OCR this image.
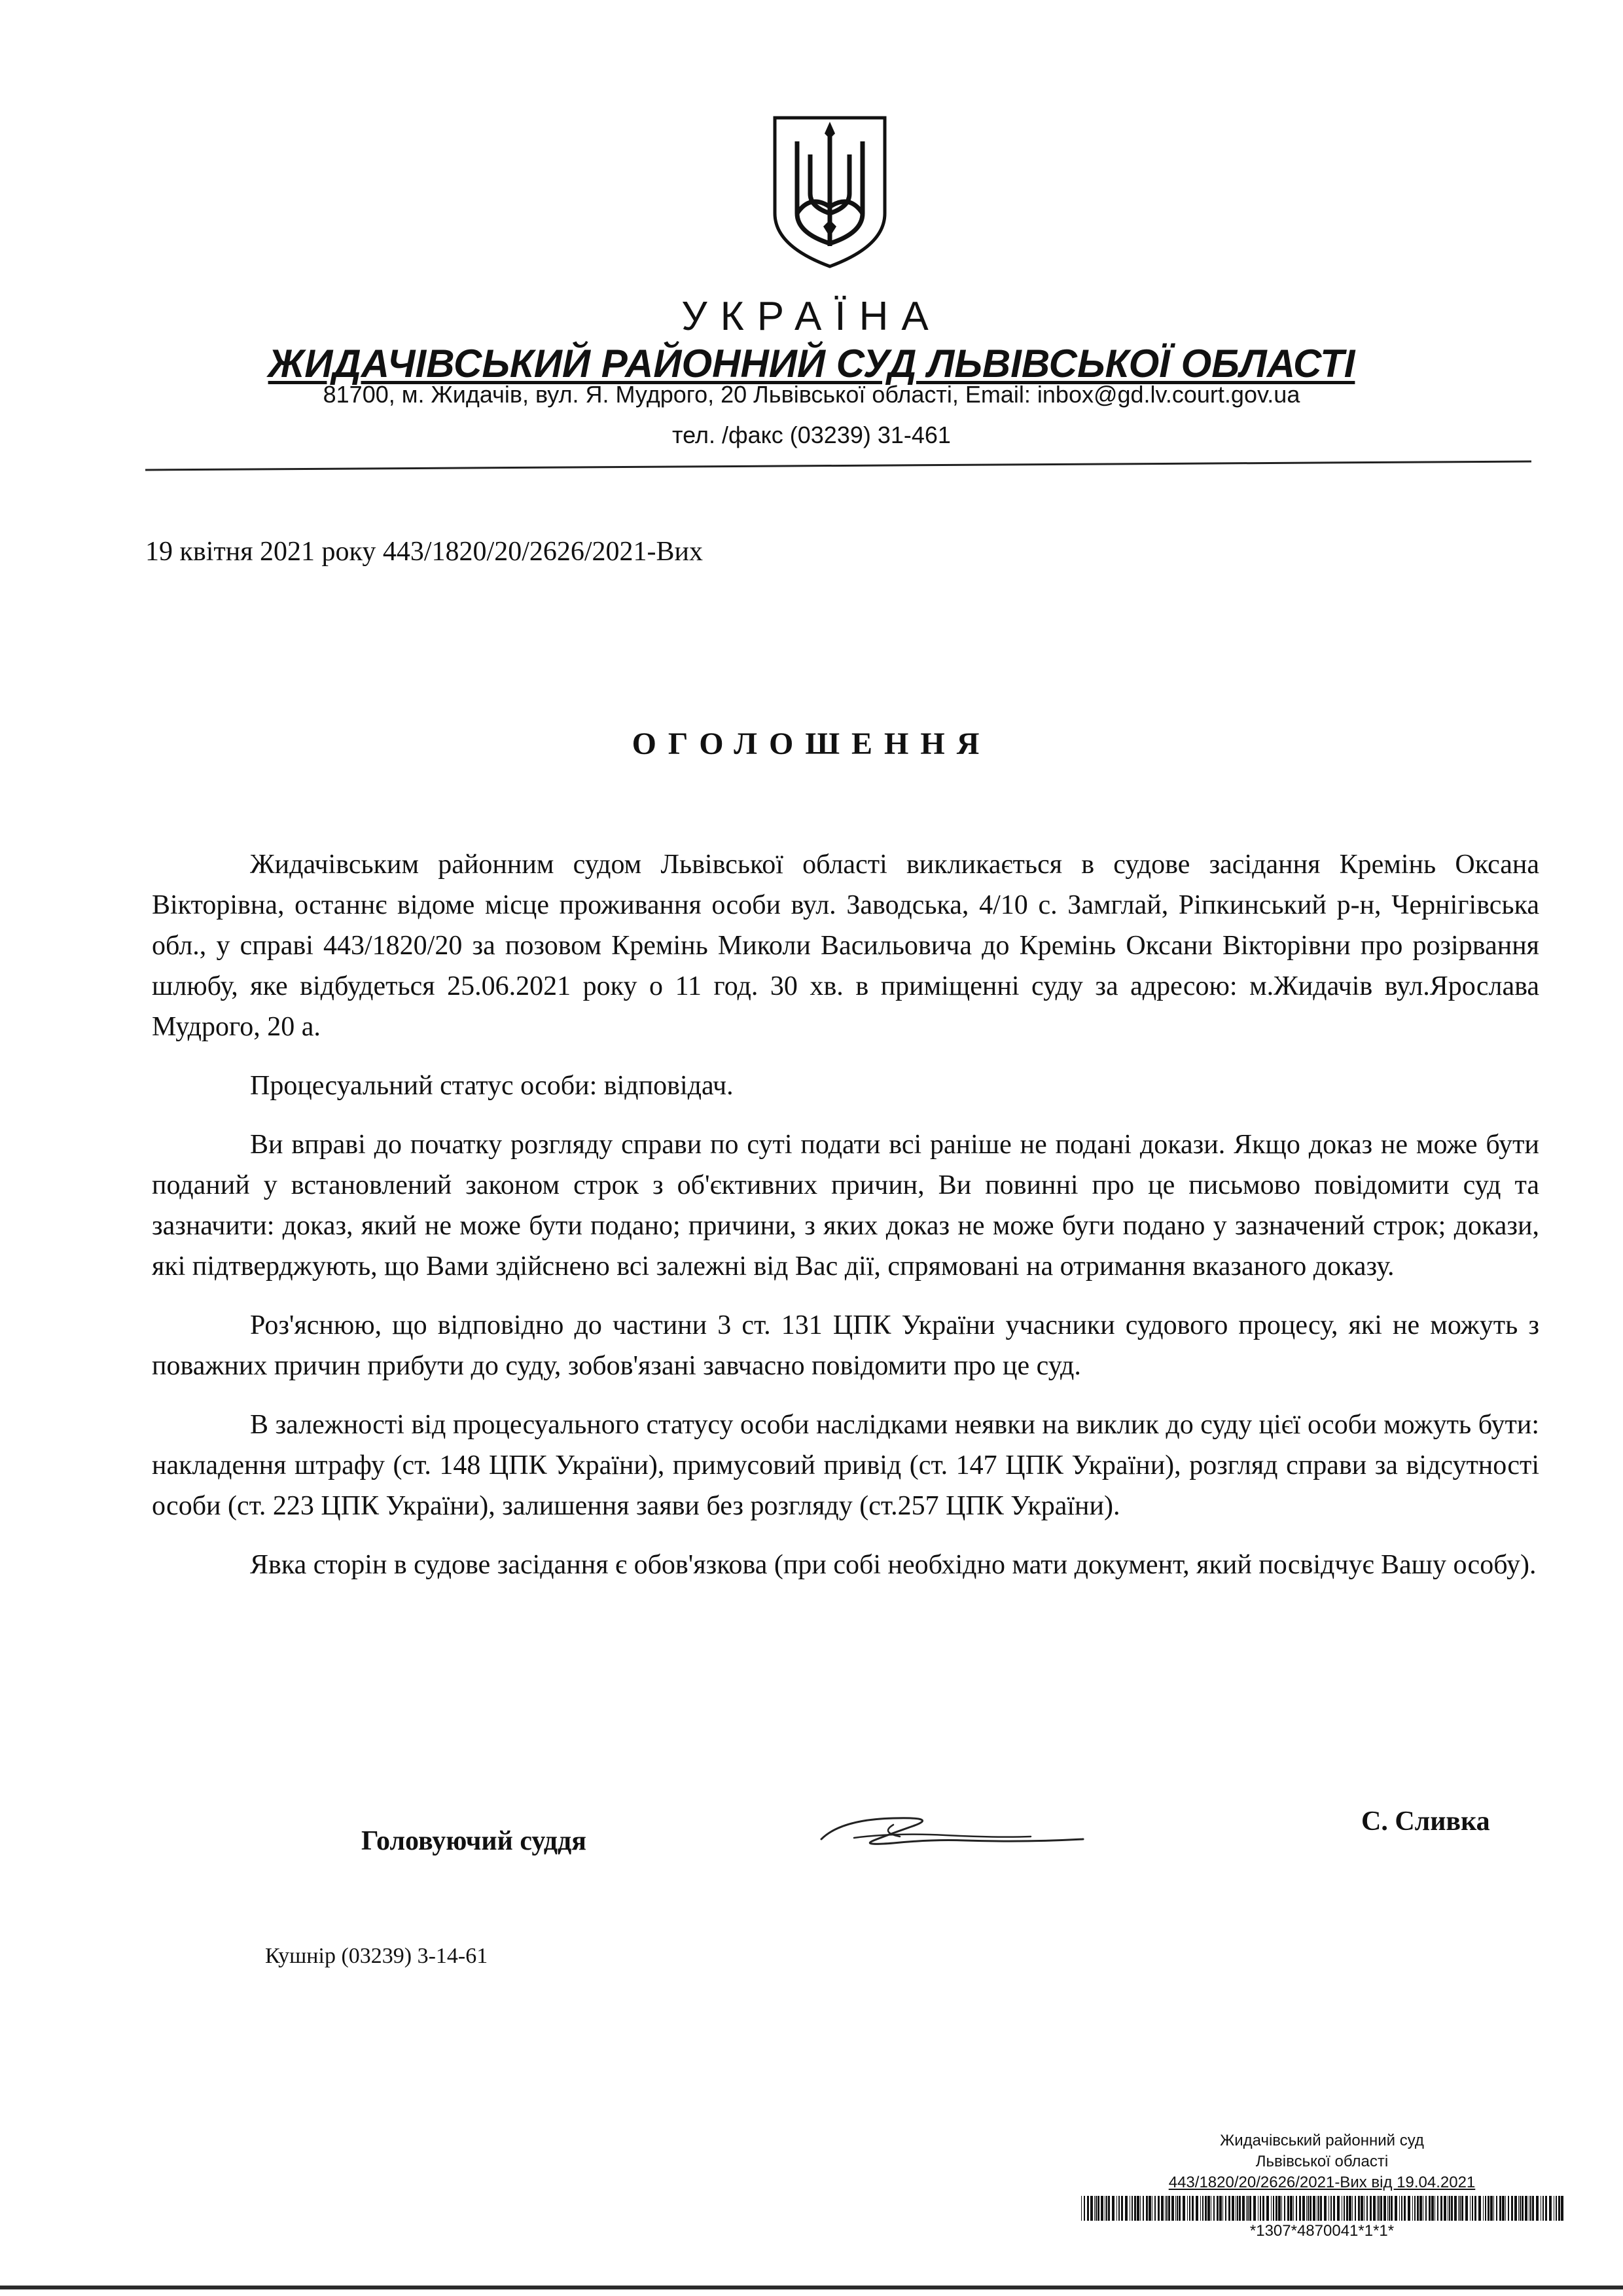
УКРАЇНА
ЖИДАЧІВСЬКИЙ РАЙОННИЙ СУД ЛЬВІВСЬКОЇ ОБЛАСТІ
81700, м. Жидачів, вул. Я. Мудрого, 20 Львівської області, Email: inbox@gd.lv.court.gov.ua
тел. /факс (03239) 31-461
19 квітня 2021 року 443/1820/20/2626/2021-Вих
ОГОЛОШЕННЯ

Жидачівським районним судом Львівської області викликається в судове засідання Кремінь Оксана Вікторівна, останнє відоме місце проживання особи вул. Заводська, 4/10 с. Замглай, Ріпкинський р-н, Чернігівська обл., у справі 443/1820/20 за позовом Кремінь Миколи Васильовича до Кремінь Оксани Вікторівни про розірвання шлюбу, яке відбудеться 25.06.2021 року о 11 год. 30 хв. в приміщенні суду за адресою: м.Жидачів вул.Ярослава Мудрого, 20 а.

Процесуальний статус особи: відповідач.

Ви вправі до початку розгляду справи по суті подати всі раніше не подані докази. Якщо доказ не може бути поданий у встановлений законом строк з об'єктивних причин, Ви повинні про це письмово повідомити суд та зазначити: доказ, який не може бути подано; причини, з яких доказ не може буги подано у зазначений строк; докази, які підтверджують, що Вами здійснено всі залежні від Вас дії, спрямовані на отримання вказаного доказу.

Роз'яснюю, що відповідно до частини 3 ст. 131 ЦПК України учасники судового процесу, які не можуть з поважних причин прибути до суду, зобов'язані завчасно повідомити про це суд.

В залежності від процесуального статусу особи наслідками неявки на виклик до суду цієї особи можуть бути: накладення штрафу (ст. 148 ЦПК України), примусовий привід (ст. 147 ЦПК України), розгляд справи за відсутності особи (ст. 223 ЦПК України), залишення заяви без розгляду (ст.257 ЦПК України).

Явка сторін в судове засідання є обов'язкова (при собі необхідно мати документ, який посвідчує Вашу особу).

Головуючий суддя
С. Сливка
Кушнір (03239) 3-14-61
Жидачівський районний суд
Львівської області
443/1820/20/2626/2021-Вих від 19.04.2021
*1307*4870041*1*1*
